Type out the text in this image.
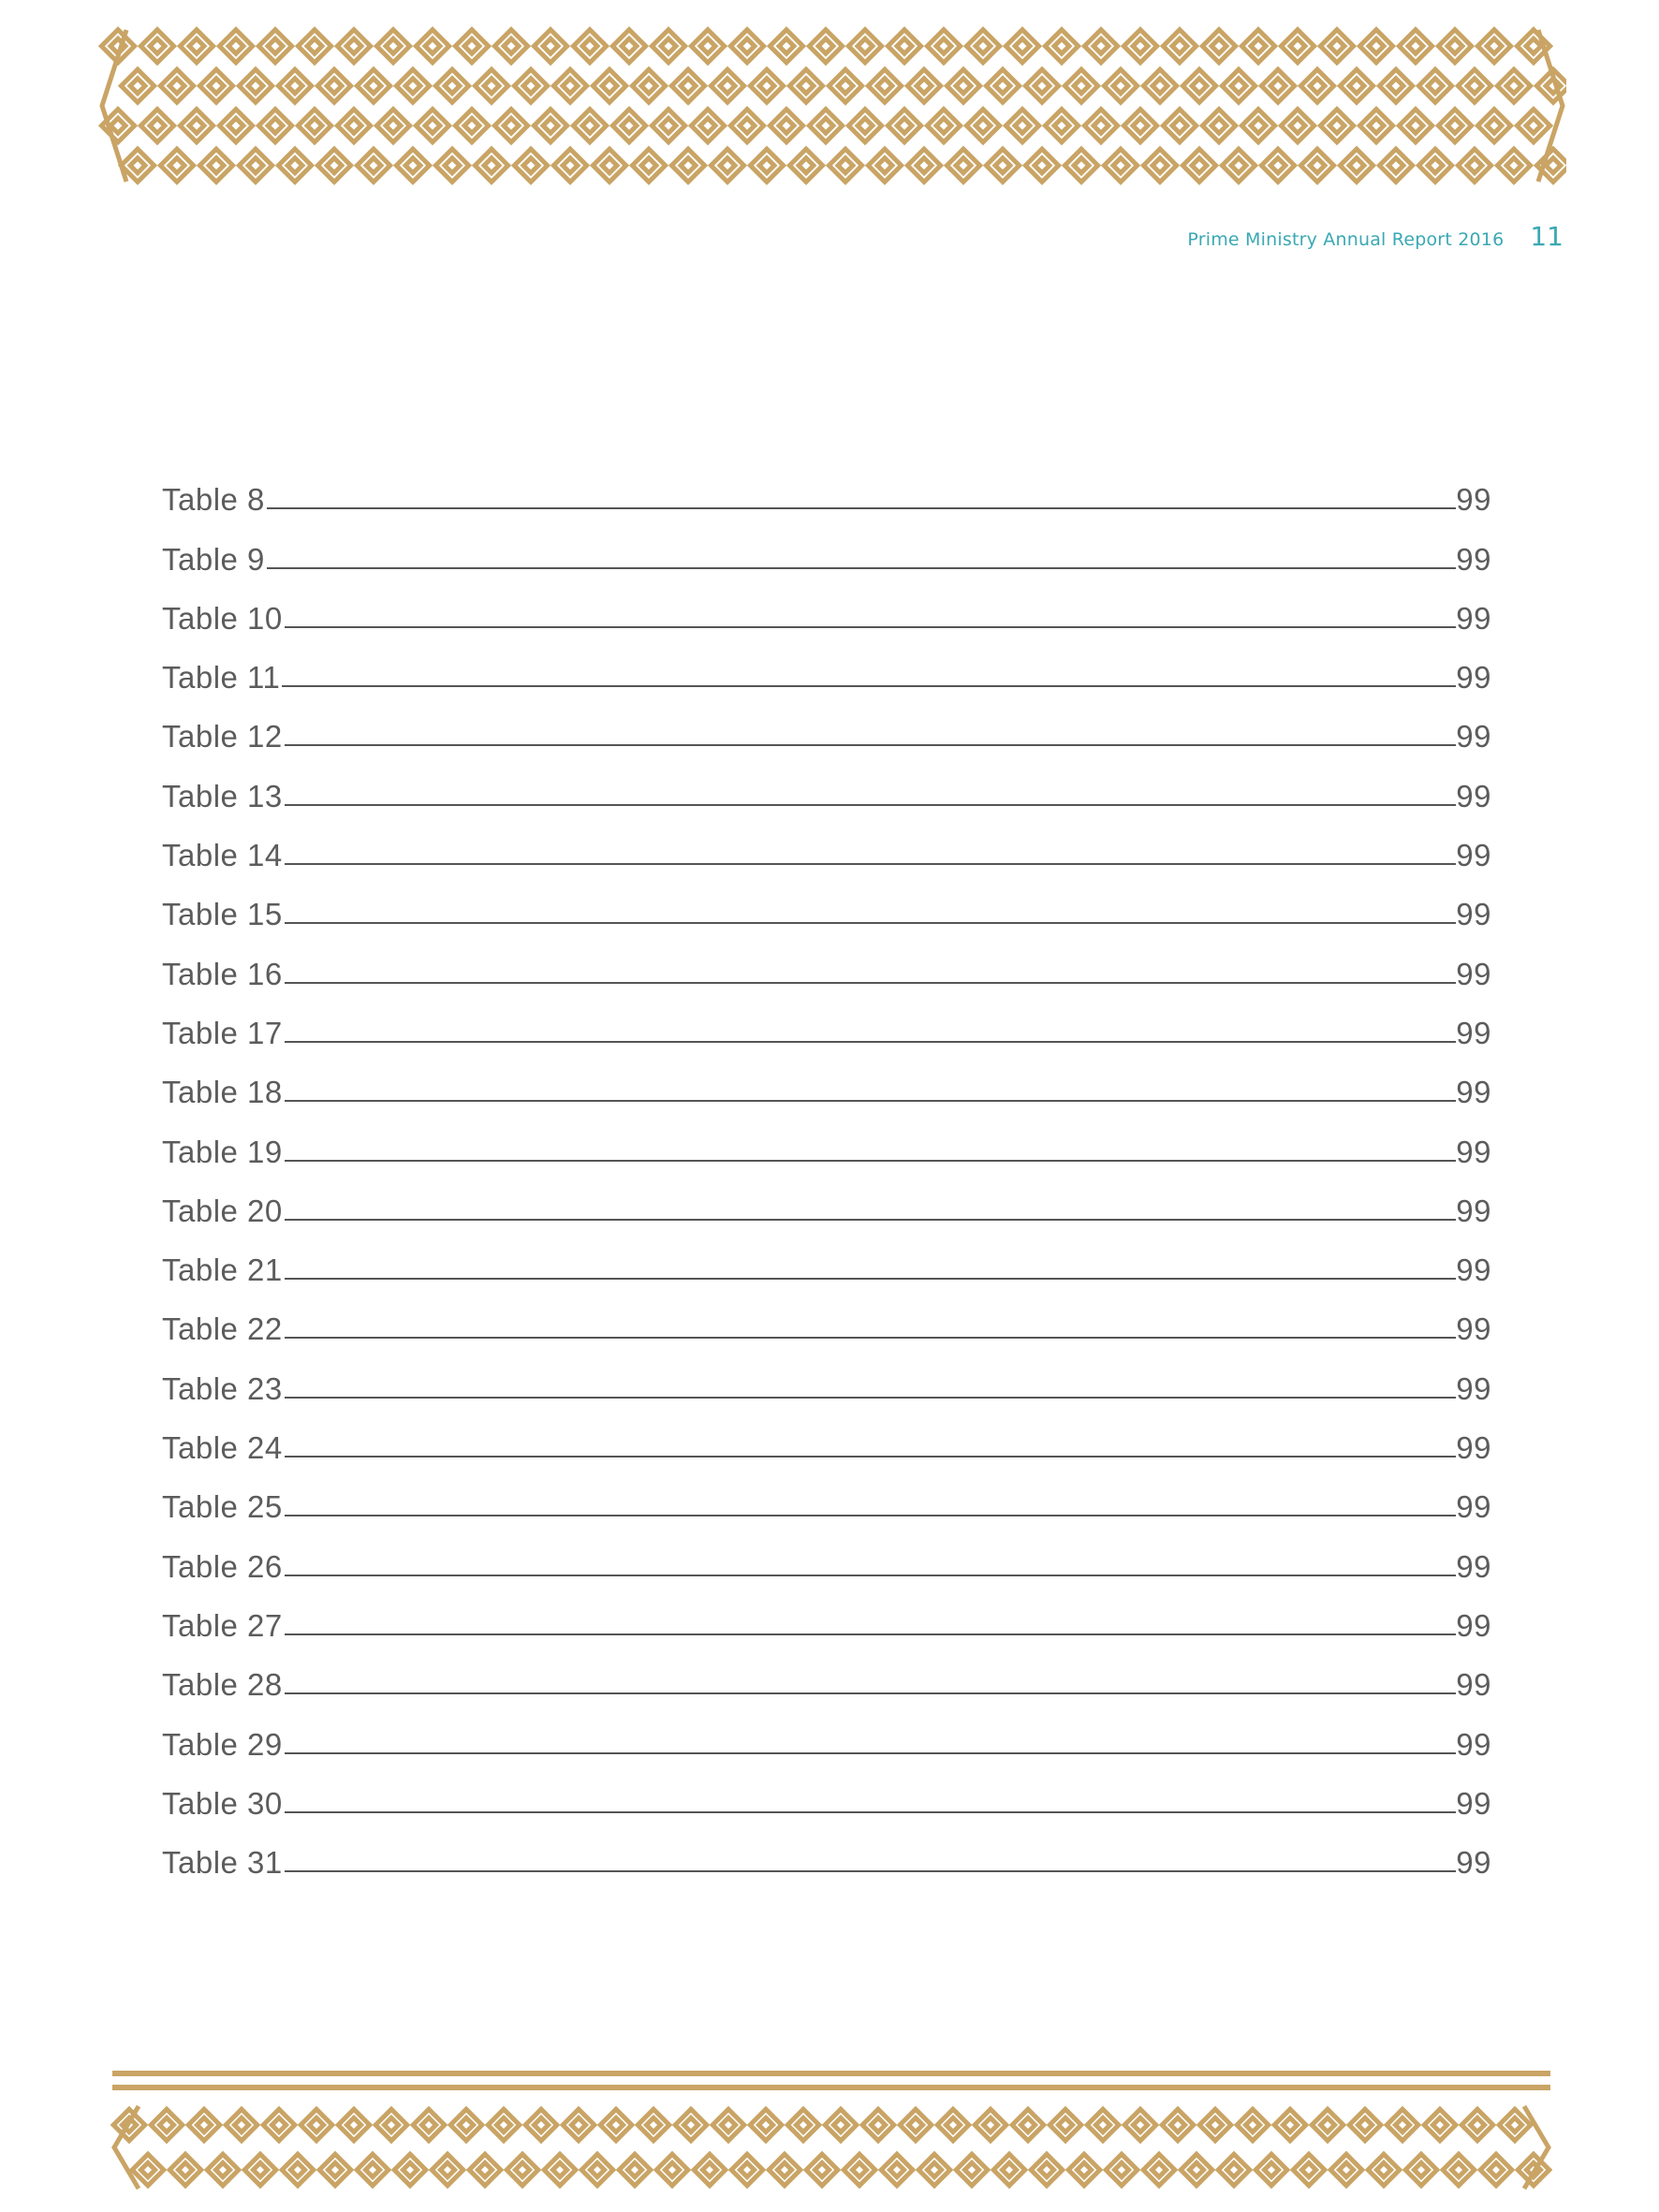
Prime Ministry Annual Report 2016 11
Table 8	99
Table 9	99
Table 10	99
Table 11	99
Table 12	99
Table 13	99
Table 14	99
Table 15	99
Table 16	99
Table 17	99
Table 18	99
Table 19	99
Table 20	99
Table 21	99
Table 22	99
Table 23	99
Table 24	99
Table 25	99
Table 26	99
Table 27	99
Table 28	99
Table 29	99
Table 30	99
Table 31	99
